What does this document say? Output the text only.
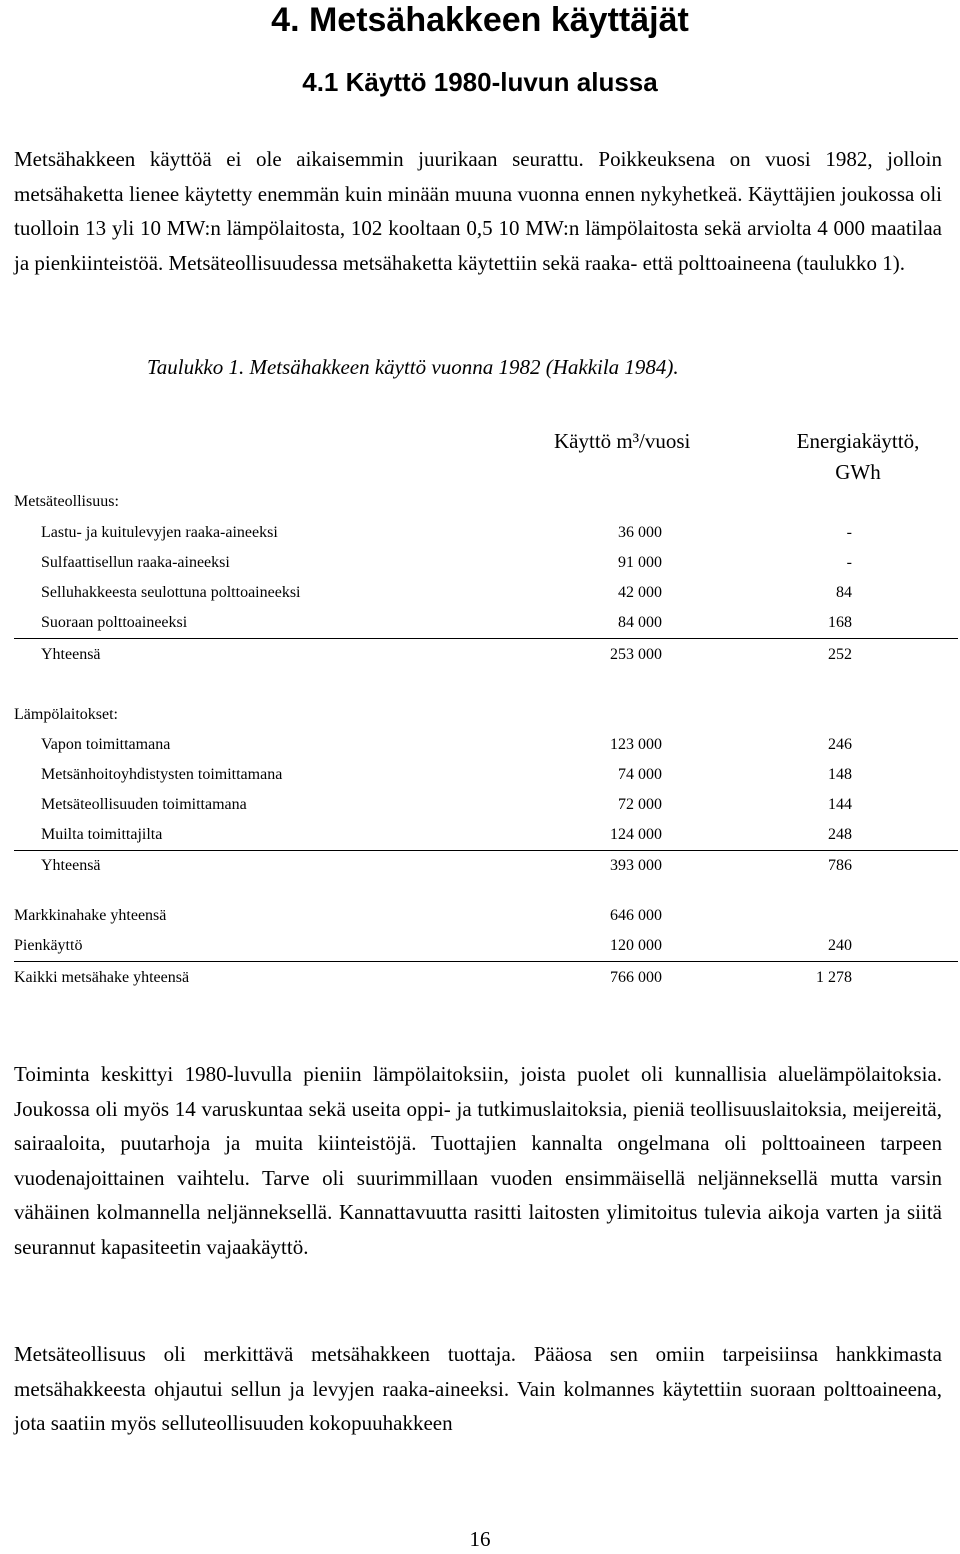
4. Metsähakkeen käyttäjät
4.1 Käyttö 1980-luvun alussa
Metsähakkeen käyttöä ei ole aikaisemmin juurikaan seurattu. Poikkeuksena on vuosi 1982, jolloin metsähaketta lienee käytetty enemmän kuin minään muuna vuonna ennen nykyhetkeä. Käyttäjien joukossa oli tuolloin 13 yli 10 MW:n lämpölaitosta, 102 kooltaan 0,5 10 MW:n lämpölaitosta sekä arviolta 4 000 maatilaa ja pienkiinteistöä. Metsäteollisuudessa metsähaketta käytettiin sekä raaka- että polttoaineena (taulukko 1).
Taulukko 1. Metsähakkeen käyttö vuonna 1982 (Hakkila 1984).
Käyttö m³/vuosi	Energiakäyttö,
GWh
Metsäteollisuus:
Lastu- ja kuitulevyjen raaka-aineeksi	36 000	-
Sulfaattisellun raaka-aineeksi	91 000	-
Selluhakkeesta seulottuna polttoaineeksi	42 000	84
Suoraan polttoaineeksi	84 000	168
Yhteensä	253 000	252
Lämpölaitokset:
Vapon toimittamana	123 000	246
Metsänhoitoyhdistysten toimittamana	74 000	148
Metsäteollisuuden toimittamana	72 000	144
Muilta toimittajilta	124 000	248
Yhteensä	393 000	786
Markkinahake yhteensä	646 000
Pienkäyttö	120 000	240
Kaikki metsähake yhteensä	766 000	1 278
Toiminta keskittyi 1980-luvulla pieniin lämpölaitoksiin, joista puolet oli kunnallisia aluelämpölaitoksia. Joukossa oli myös 14 varuskuntaa sekä useita oppi- ja tutkimuslaitoksia, pieniä teollisuuslaitoksia, meijereitä, sairaaloita, puutarhoja ja muita kiinteistöjä. Tuottajien kannalta ongelmana oli polttoaineen tarpeen vuodenajoittainen vaihtelu. Tarve oli suurimmillaan vuoden ensimmäisellä neljänneksellä mutta varsin vähäinen kolmannella neljänneksellä. Kannattavuutta rasitti laitosten ylimitoitus tulevia aikoja varten ja siitä seurannut kapasiteetin vajaakäyttö.
Metsäteollisuus oli merkittävä metsähakkeen tuottaja. Pääosa sen omiin tarpeisiinsa hankkimasta metsähakkeesta ohjautui sellun ja levyjen raaka-aineeksi. Vain kolmannes käytettiin suoraan polttoaineena, jota saatiin myös selluteollisuuden kokopuuhakkeen
16
